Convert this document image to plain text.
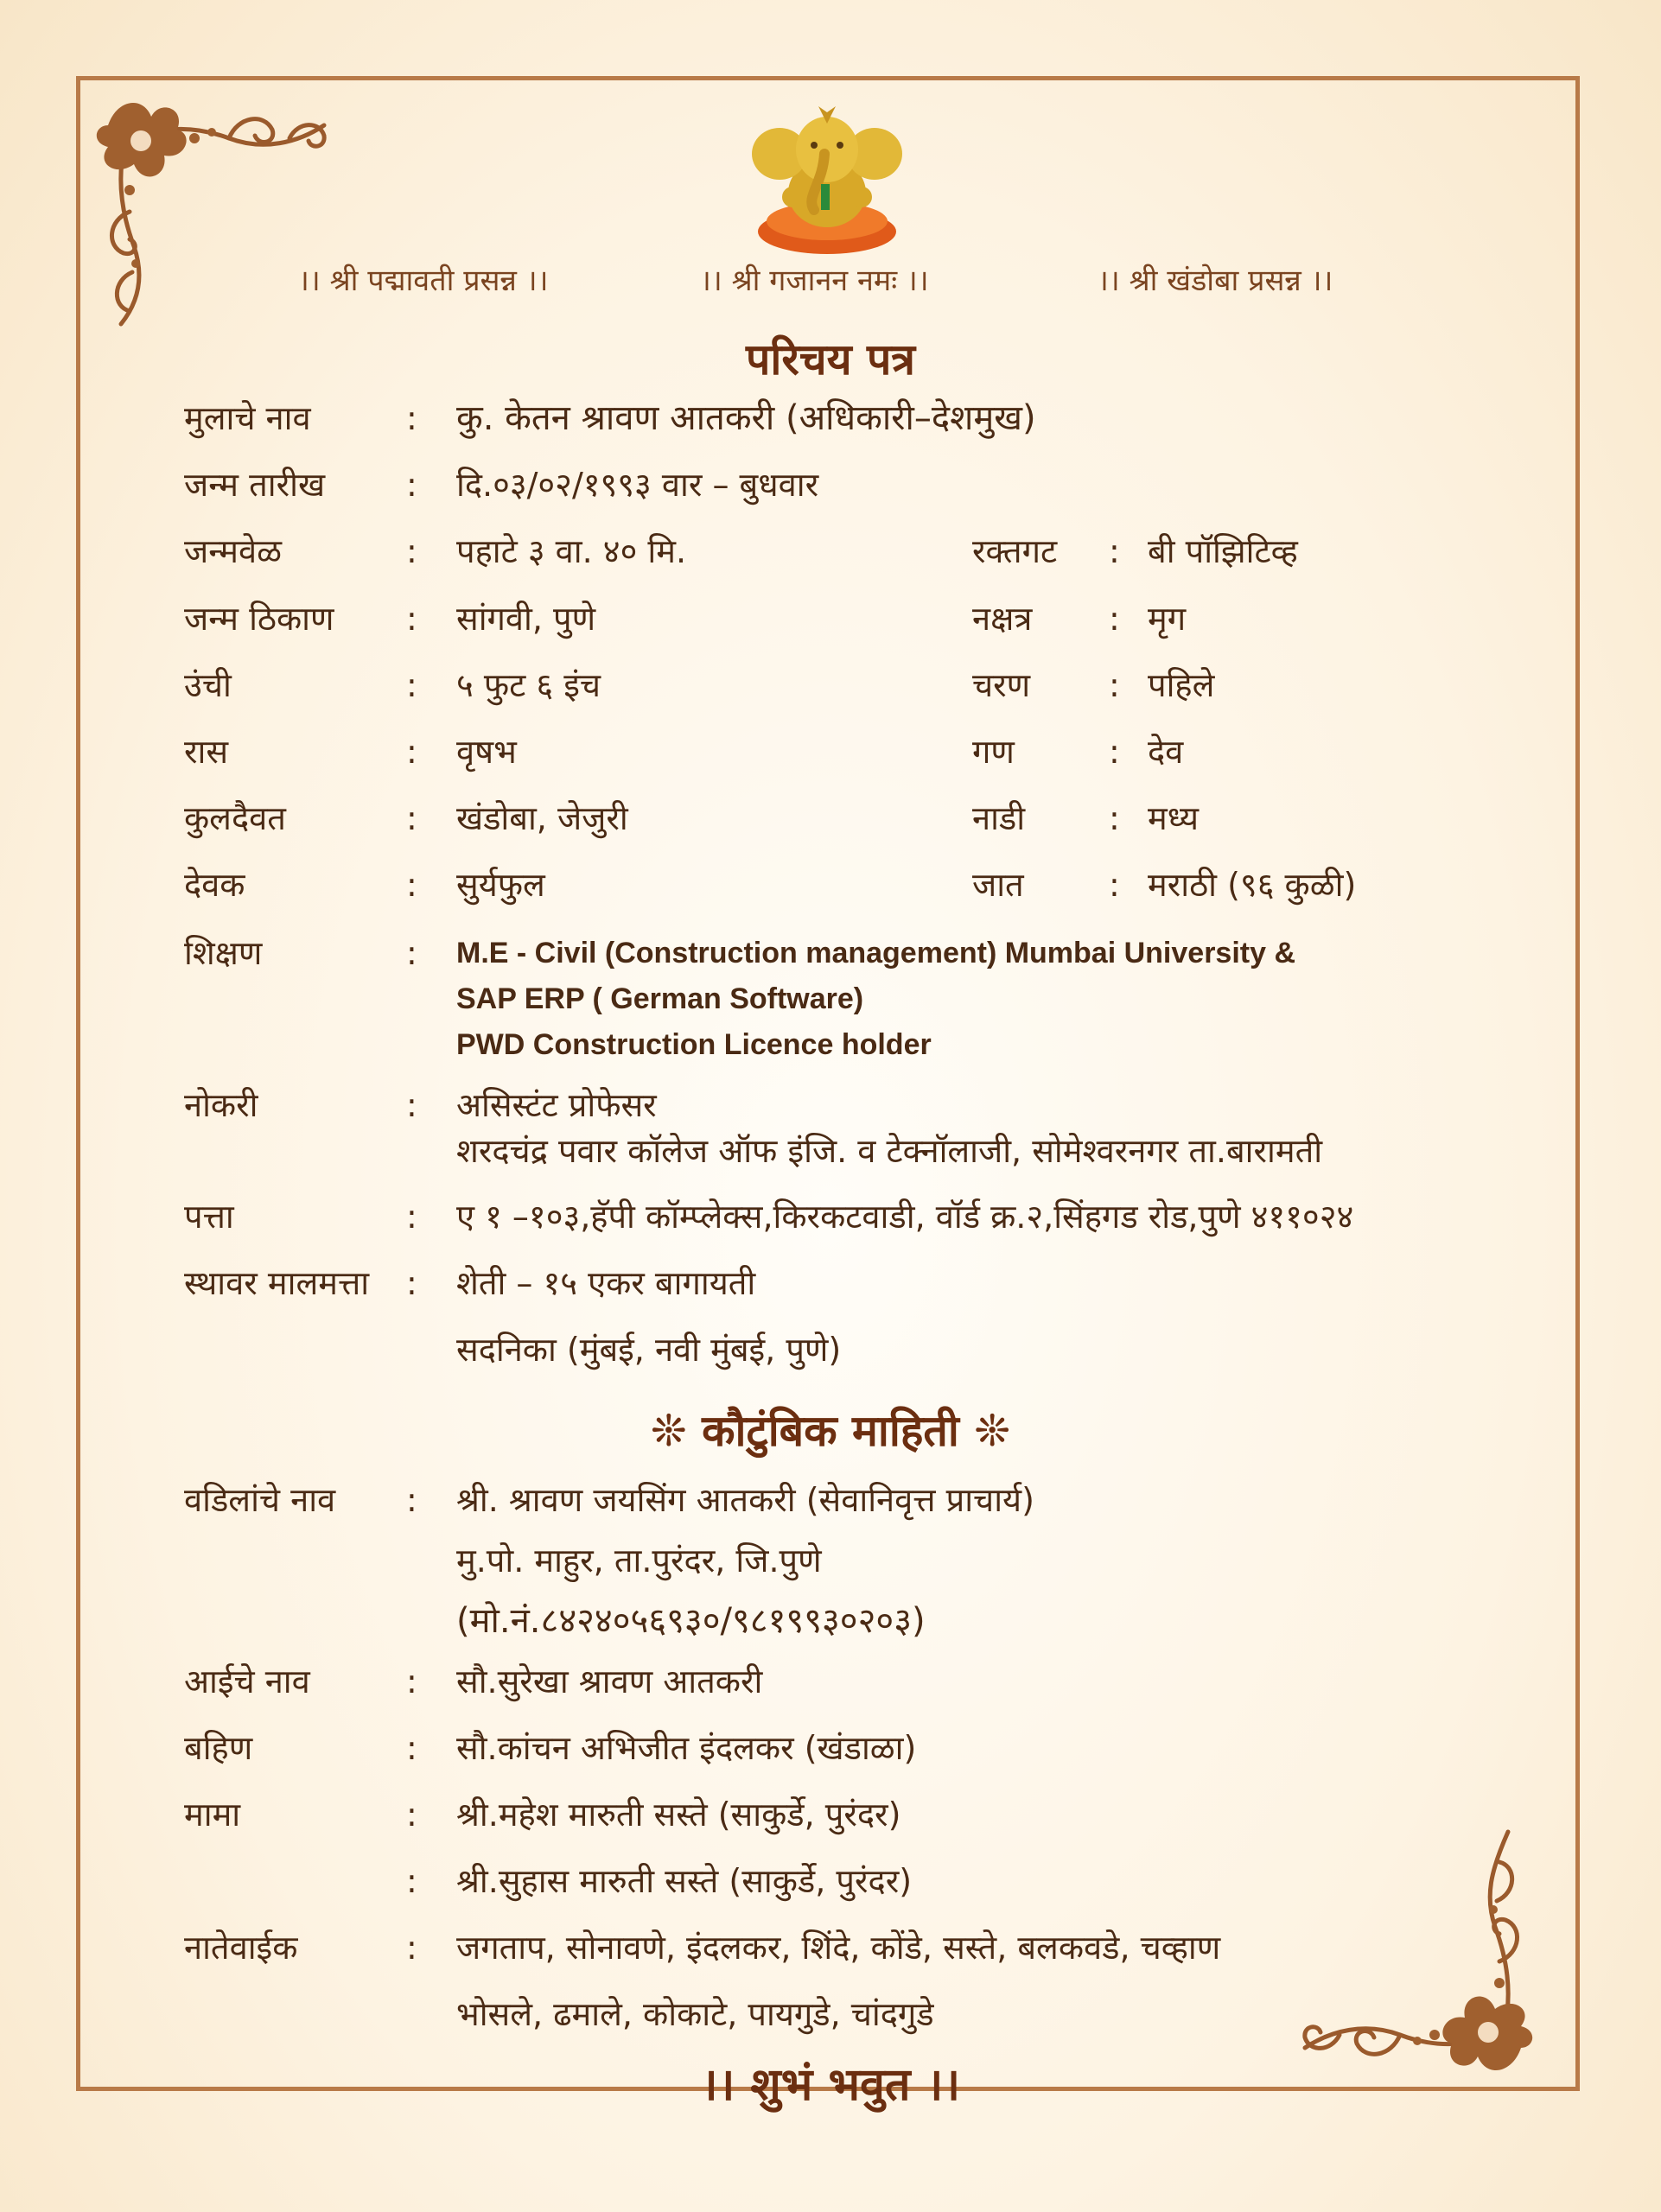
।। श्री पद्मावती प्रसन्न ।।	।। श्री गजानन नमः ।।	।। श्री खंडोबा प्रसन्न ।।
परिचय पत्र
मुलाचे नाव	: कु. केतन श्रावण आतकरी (अधिकारी–देशमुख)
जन्म तारीख : दि.०३/०२/१९९३ वार – बुधवार
जन्मवेळ	: पहाटे ३ वा. ४० मि.	रक्तगट : बी पॉझिटिव्ह
जन्म ठिकाण : सांगवी, पुणे	नक्षत्र : मृग
उंची	: ५ फुट ६ इंच	चरण : पहिले
रास	: वृषभ	गण	: देव
कुलदैवत	: खंडोबा, जेजुरी	नाडी	: मध्य
देवक	: सुर्यफुल	जात	: मराठी (९६ कुळी)
शिक्षण	: M.E - Civil (Construction management) Mumbai University &
SAP ERP ( German Software)
PWD Construction Licence holder
नोकरी	: असिस्टंट प्रोफेसर
शरदचंद्र पवार कॉलेज ऑफ इंजि. व टेक्नॉलाजी, सोमेश्वरनगर ता.बारामती
पत्ता	: ए १ –१०३,हॅपी कॉम्प्लेक्स,किरकटवाडी, वॉर्ड क्र.२,सिंहगड रोड,पुणे ४११०२४
स्थावर मालमत्ता : शेती – १५ एकर बागायती
सदनिका (मुंबई, नवी मुंबई, पुणे)
❊ कौटुंबिक माहिती ❊
वडिलांचे नाव : श्री. श्रावण जयसिंग आतकरी (सेवानिवृत्त प्राचार्य)
मु.पो. माहुर, ता.पुरंदर, जि.पुणे
(मो.नं.८४२४०५६९३०/९८१९९३०२०३)
आईचे नाव	: सौ.सुरेखा श्रावण आतकरी
बहिण	: सौ.कांचन अभिजीत इंदलकर (खंडाळा)
मामा	: श्री.महेश मारुती सस्ते (साकुर्डे, पुरंदर)
: श्री.सुहास मारुती सस्ते (साकुर्डे, पुरंदर)
नातेवाईक	: जगताप, सोनावणे, इंदलकर, शिंदे, कोंडे, सस्ते, बलकवडे, चव्हाण
भोसले, ढमाले, कोकाटे, पायगुडे, चांदगुडे
।। शुभं भवुत ।।
